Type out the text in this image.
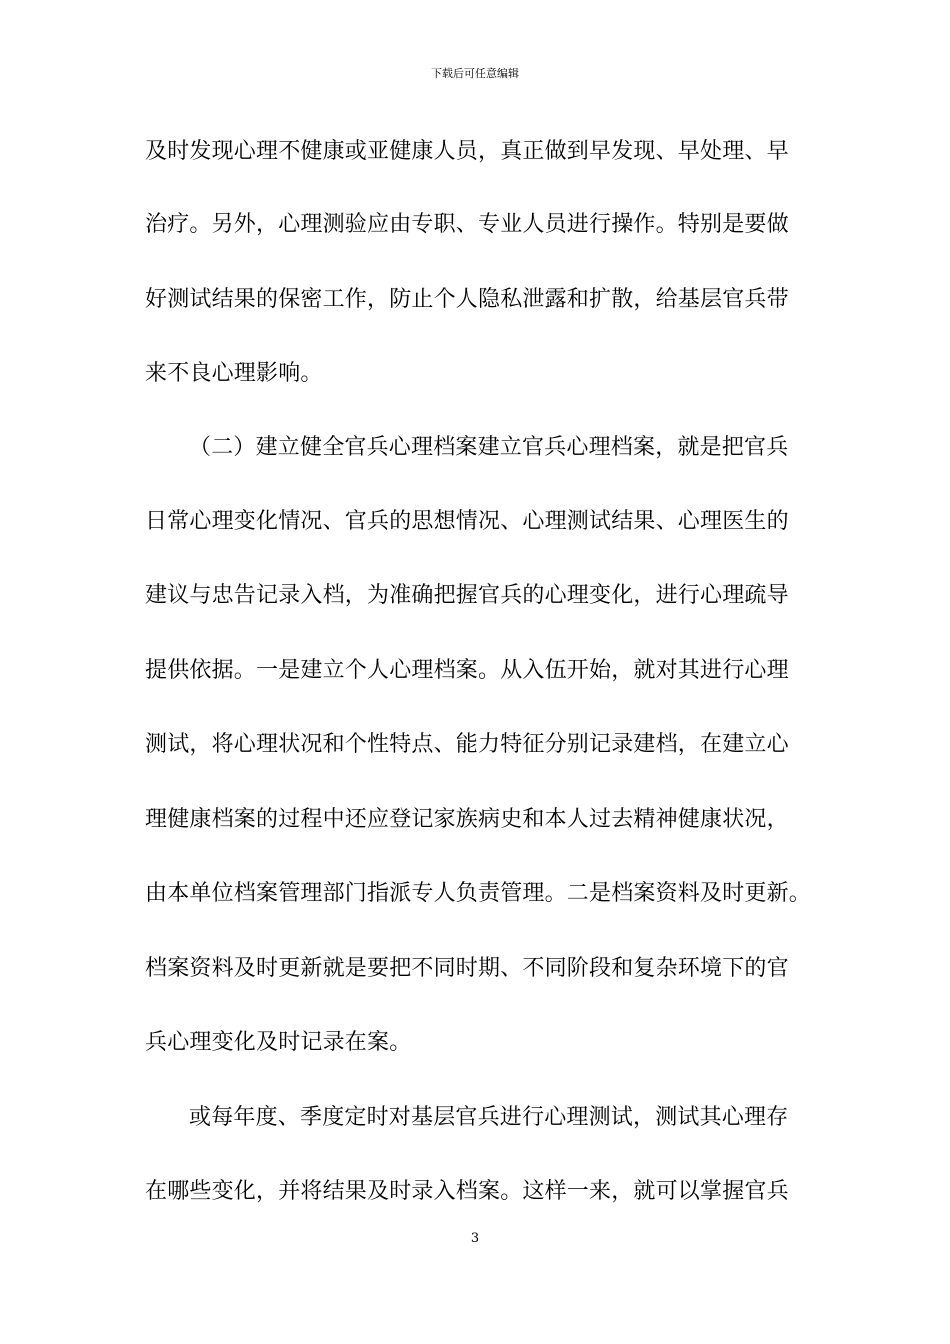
下载后可任意编辑
及时发现心理不健康或亚健康人员，真正做到早发现、早处理、早
治疗。另外，心理测验应由专职、专业人员进行操作。特别是要做
好测试结果的保密工作，防止个人隐私泄露和扩散，给基层官兵带
来不良心理影响。
（二）建立健全官兵心理档案建立官兵心理档案，就是把官兵
日常心理变化情况、官兵的思想情况、心理测试结果、心理医生的
建议与忠告记录入档，为准确把握官兵的心理变化，进行心理疏导
提供依据。一是建立个人心理档案。从入伍开始，就对其进行心理
测试，将心理状况和个性特点、能力特征分别记录建档，在建立心
理健康档案的过程中还应登记家族病史和本人过去精神健康状况，
由本单位档案管理部门指派专人负责管理。二是档案资料及时更新。
档案资料及时更新就是要把不同时期、不同阶段和复杂环境下的官
兵心理变化及时记录在案。
或每年度、季度定时对基层官兵进行心理测试，测试其心理存
在哪些变化，并将结果及时录入档案。这样一来，就可以掌握官兵
3
